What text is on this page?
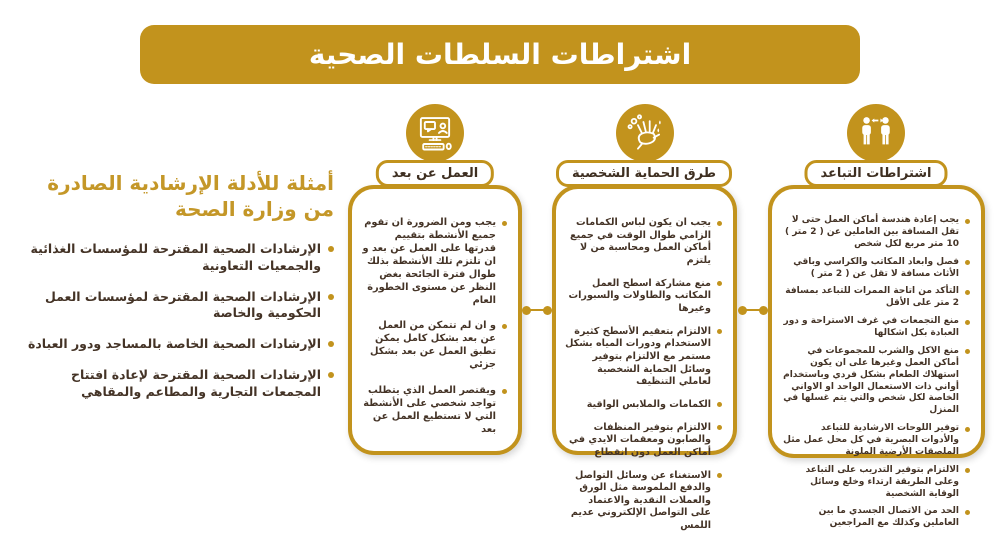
اشتراطات السلطات الصحية
أمثلة للأدلة الإرشادية الصادرة من وزارة الصحة
الإرشادات الصحية المقترحة للمؤسسات الغذائية والجمعيات التعاونية
الإرشادات الصحية المقترحة لمؤسسات العمل الحكومية والخاصة
الإرشادات الصحية الخاصة بالمساجد ودور العبادة
الإرشادات الصحية المقترحة لإعادة افتتاح المجمعات التجارية والمطاعم والمقاهي
العمل عن بعد
يجب ومن الضرورة ان تقوم جميع الأنشطة بتقييم قدرتها على العمل عن بعد و ان تلتزم تلك الأنشطة بذلك طوال فترة الجائحة بغض النظر عن مستوى الخطورة العام
و ان لم تتمكن من العمل عن بعد بشكل كامل يمكن تطبق العمل عن بعد بشكل جزئي
ويقتصر العمل الذي يتطلب تواجد شخصي على الأنشطة التي لا تستطيع العمل عن بعد
طرق الحماية الشخصية
يجب ان يكون لباس الكمامات الزامي طوال الوقت في جميع أماكن العمل ومحاسبة من لا يلتزم
منع مشاركة اسطح العمل المكاتب والطاولات والسبورات وغيرها
الالتزام بتعقيم الأسطح كثيرة الاستخدام ودورات المياه بشكل مستمر مع الالتزام بتوفير وسائل الحماية الشخصية لعاملي التنظيف
الكمامات والملابس الواقية
الالتزام بتوفير المنظفات والصابون ومعقمات الايدي في أماكن العمل دون انقطاع
الاستغناء عن وسائل التواصل والدفع الملموسة مثل الورق والعملات النقدية والاعتماد على التواصل الإلكتروني عديم اللمس
اشتراطات التباعد
يجب إعادة هندسة أماكن العمل حتى لا تقل المسافة بين العاملين عن ( 2 متر ) 10 متر مربع لكل شخص
فصل وابعاد المكاتب والكراسي وباقي الأثاث مسافة لا تقل عن ( 2 متر )
التأكد من اتاحة الممرات للتباعد بمسافة 2 متر على الأقل
منع التجمعات في غرف الاستراحة و دور العبادة بكل اشكالها
منع الاكل والشرب للمجموعات في أماكن العمل وغيرها على ان يكون استهلاك الطعام بشكل فردي وباستخدام أواني ذات الاستعمال الواحد او الاواني الخاصة لكل شخص والتي يتم غسلها في المنزل
توفير اللوحات الارشادية للتباعد والأدوات البصرية في كل محل عمل مثل الملصقات الأرضية الملونة
الالتزام بتوفير التدريب على التباعد وعلى الطريقة ارتداء وخلع وسائل الوقاية الشخصية
الحد من الاتصال الجسدي ما بين العاملين وكذلك مع المراجعين
